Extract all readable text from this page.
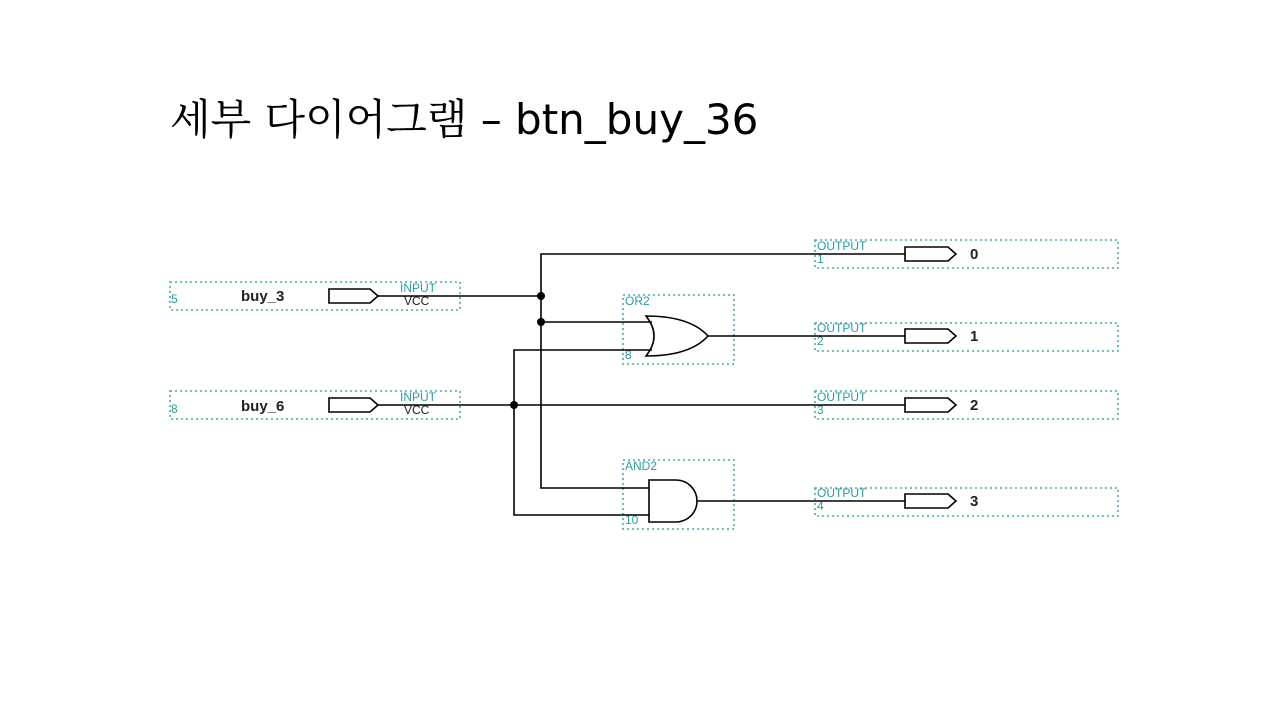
세부 다이어그램 – btn_buy_36
5	buy_3	INPUT
VCC
8	buy_6
INPUT
VCC
OR2
8
AND2
10
OUTPUT
1	0
OUTPUT
2	1
OUTPUT
3	2
OUTPUT
4	3
